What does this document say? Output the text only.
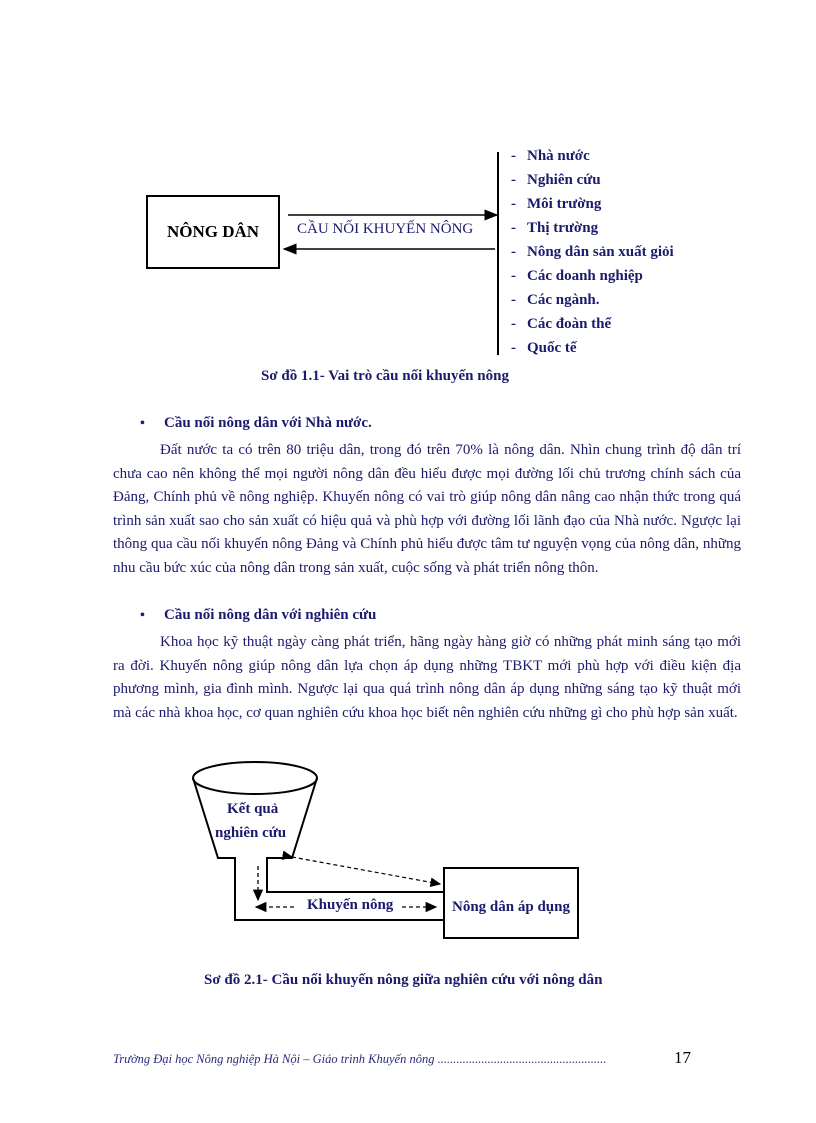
NÔNG DÂN	CẦU NỐI KHUYẾN NÔNG
- Nhà nước
- Nghiên cứu
- Môi trường
- Thị trường
- Nông dân sản xuất giỏi
- Các doanh nghiệp
- Các ngành.
- Các đoàn thể
- Quốc tế
Sơ đồ 1.1- Vai trò cầu nối khuyến nông
• Cầu nối nông dân với Nhà nước.
Đất nước ta có trên 80 triệu dân, trong đó trên 70% là nông dân. Nhìn chung trình độ dân trí chưa cao nên không thể mọi người nông dân đều hiểu được mọi đường lối chủ trương chính sách của Đảng, Chính phủ về nông nghiệp. Khuyến nông có vai trò giúp nông dân nâng cao nhận thức trong quá trình sản xuất sao cho sản xuất có hiệu quả và phù hợp với đường lối lãnh đạo của Nhà nước. Ngược lại thông qua cầu nối khuyến nông Đảng và Chính phủ hiểu được tâm tư nguyện vọng của nông dân, những nhu cầu bức xúc của nông dân trong sản xuất, cuộc sống và phát triển nông thôn.
• Cầu nối nông dân với nghiên cứu
Khoa học kỹ thuật ngày càng phát triển, hãng ngày hàng giờ có những phát minh sáng tạo mới ra đời. Khuyến nông giúp nông dân lựa chọn áp dụng những TBKT mới phù hợp với điều kiện địa phương mình, gia đình mình. Ngược lại qua quá trình nông dân áp dụng những sáng tạo kỹ thuật mới mà các nhà khoa học, cơ quan nghiên cứu khoa học biết nên nghiên cứu những gì cho phù hợp sản xuất.
Kết quả
nghiên cứu
Khuyến nông	Nông dân áp dụng
Sơ đồ 2.1- Cầu nối khuyến nông giữa nghiên cứu với nông dân
Trường Đại học Nông nghiệp Hà Nội – Giáo trình Khuyến nông ......................................................	17
